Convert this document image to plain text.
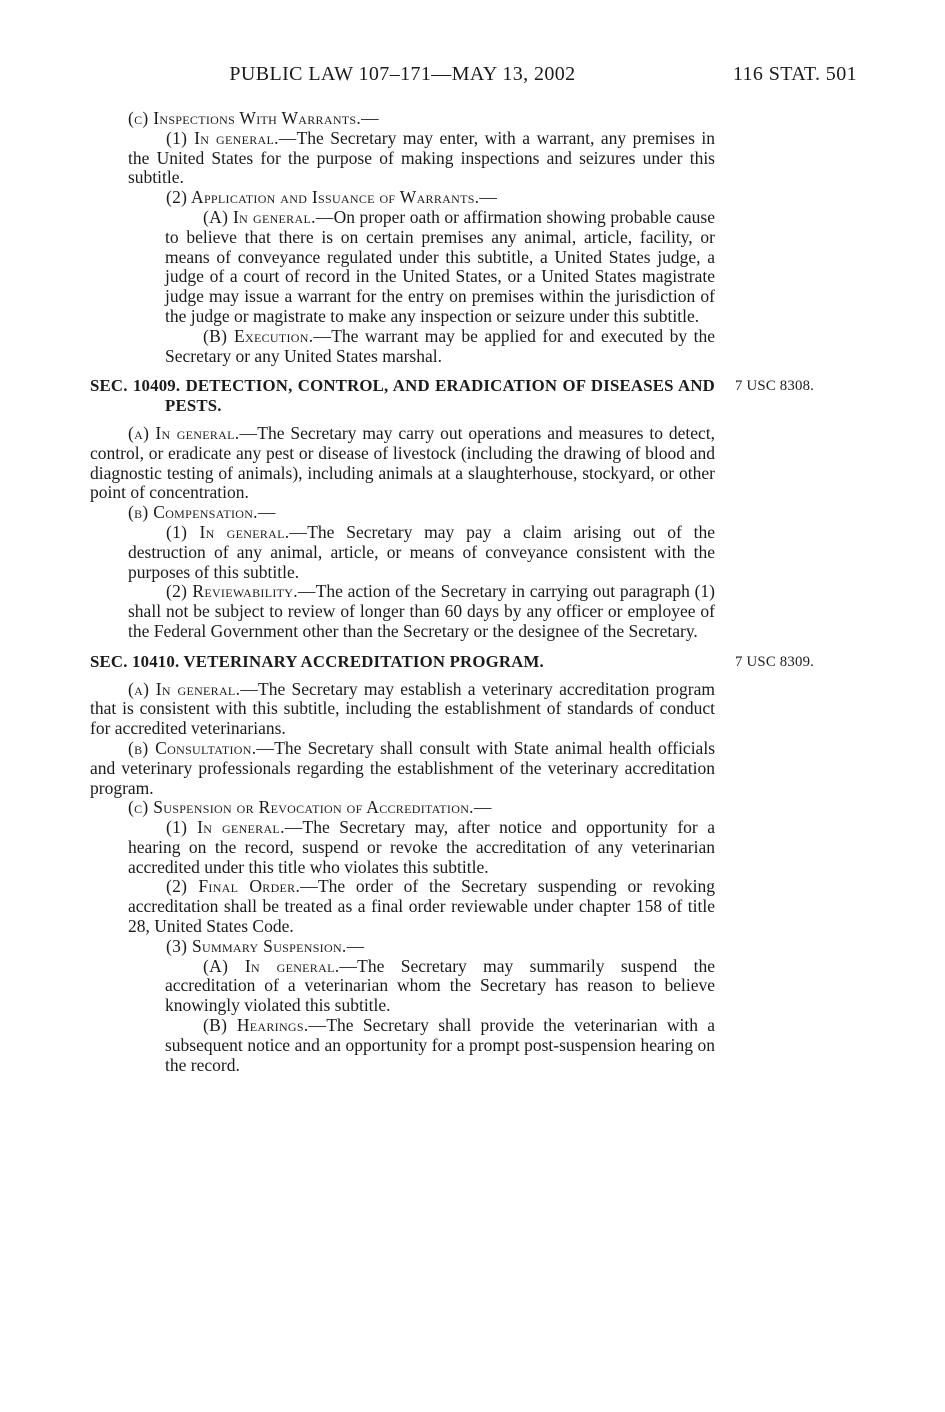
PUBLIC LAW 107–171—MAY 13, 2002	116 STAT. 501

(c) Inspections With Warrants.—

(1) In general.—The Secretary may enter, with a warrant, any premises in the United States for the purpose of making inspections and seizures under this subtitle.

(2) Application and Issuance of Warrants.—

(A) In general.—On proper oath or affirmation showing probable cause to believe that there is on certain premises any animal, article, facility, or means of conveyance regulated under this subtitle, a United States judge, a judge of a court of record in the United States, or a United States magistrate judge may issue a warrant for the entry on premises within the jurisdiction of the judge or magistrate to make any inspection or seizure under this subtitle.

(B) Execution.—The warrant may be applied for and executed by the Secretary or any United States marshal.

SEC. 10409. DETECTION, CONTROL, AND ERADICATION OF DISEASES AND PESTS.
7 USC 8308.

(a) In general.—The Secretary may carry out operations and measures to detect, control, or eradicate any pest or disease of livestock (including the drawing of blood and diagnostic testing of animals), including animals at a slaughterhouse, stockyard, or other point of concentration.

(b) Compensation.—

(1) In general.—The Secretary may pay a claim arising out of the destruction of any animal, article, or means of conveyance consistent with the purposes of this subtitle.

(2) Reviewability.—The action of the Secretary in carrying out paragraph (1) shall not be subject to review of longer than 60 days by any officer or employee of the Federal Government other than the Secretary or the designee of the Secretary.

SEC. 10410. VETERINARY ACCREDITATION PROGRAM.	7 USC 8309.

(a) In general.—The Secretary may establish a veterinary accreditation program that is consistent with this subtitle, including the establishment of standards of conduct for accredited veterinarians.

(b) Consultation.—The Secretary shall consult with State animal health officials and veterinary professionals regarding the establishment of the veterinary accreditation program.

(c) Suspension or Revocation of Accreditation.—

(1) In general.—The Secretary may, after notice and opportunity for a hearing on the record, suspend or revoke the accreditation of any veterinarian accredited under this title who violates this subtitle.

(2) Final Order.—The order of the Secretary suspending or revoking accreditation shall be treated as a final order reviewable under chapter 158 of title 28, United States Code.

(3) Summary Suspension.—

(A) In general.—The Secretary may summarily suspend the accreditation of a veterinarian whom the Secretary has reason to believe knowingly violated this subtitle.

(B) Hearings.—The Secretary shall provide the veterinarian with a subsequent notice and an opportunity for a prompt post-suspension hearing on the record.
